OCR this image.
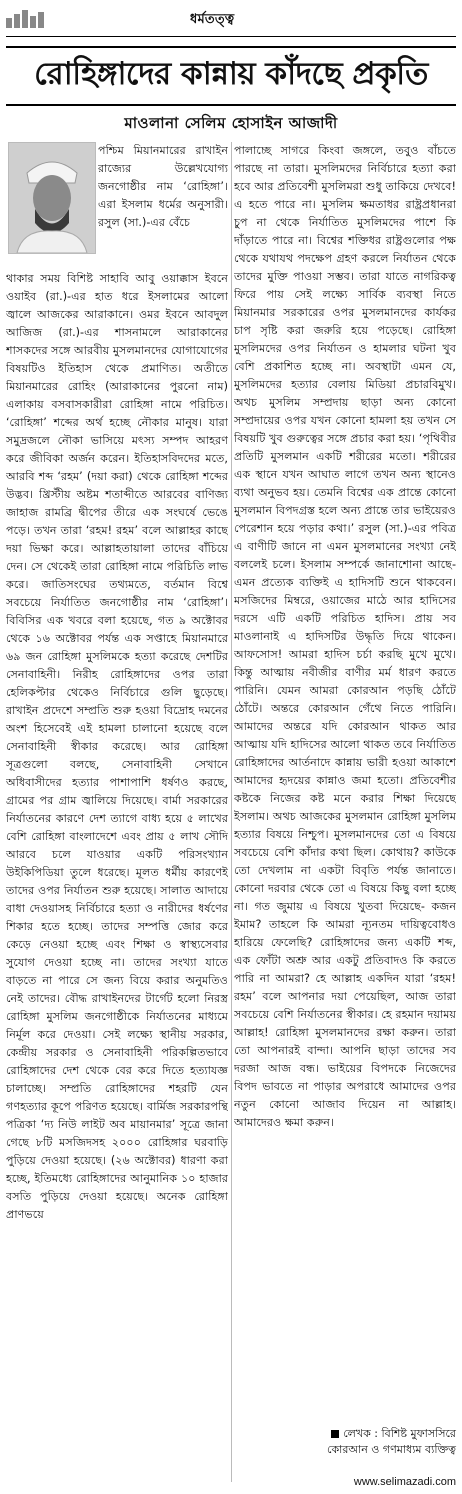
ধর্মতত্ত্ব
রোহিঙ্গাদের কান্নায় কাঁদছে প্রকৃতি
মাওলানা সেলিম হোসাইন আজাদী

পশ্চিম মিয়ানমারের রাখাইন রাজ্যের উল্লেখযোগ্য জনগোষ্ঠীর নাম ‘রোহিঙ্গা’। এরা ইসলাম ধর্মের অনুসারী। রসুল (সা.)-এর বেঁচে

থাকার সময় বিশিষ্ট সাহাবি আবু ওয়াক্কাস ইবনে ওয়াইব (রা.)-এর হাত ধরে ইসলামের আলো জ্বালে আজকের আরাকানে। ওমর ইবনে আবদুল আজিজ (রা.)-এর শাসনামলে আরাকানের শাসকদের সঙ্গে আরবীয় মুসলমানদের যোগাযোগের বিষয়টিও ইতিহাস থেকে প্রমাণিত। অতীতে মিয়ানমারের রোহিং (আরাকানের পুরনো নাম) এলাকায় বসবাসকারীরা রোহিঙ্গা নামে পরিচিত। ‘রোহিঙ্গা’ শব্দের অর্থ হচ্ছে নৌকার মানুষ। যারা সমুদ্রজলে নৌকা ভাসিয়ে মৎস্য সম্পদ আহরণ করে জীবিকা অর্জন করেন। ইতিহাসবিদদের মতে, আরবি শব্দ ‘রহম’ (দয়া করা) থেকে রোহিঙ্গা শব্দের উদ্ভব। খ্রিস্টীয় অষ্টম শতাব্দীতে আরবের বাণিজ্য জাহাজ রামব্রি দ্বীপের তীরে এক সংঘর্ষে ভেঙে পড়ে। তখন তারা ‘রহম! রহম’ বলে আল্লাহর কাছে দয়া ভিক্ষা করে। আল্লাহতায়ালা তাদের বাঁচিয়ে দেন। সে থেকেই তারা রোহিঙ্গা নামে পরিচিতি লাভ করে। জাতিসংঘের তথ্যমতে, বর্তমান বিশ্বে সবচেয়ে নির্যাতিত জনগোষ্ঠীর নাম ‘রোহিঙ্গা’। বিবিসির এক খবরে বলা হয়েছে, গত ৯ অক্টোবর থেকে ১৬ অক্টোবর পর্যন্ত এক সপ্তাহে মিয়ানমারে ৬৯ জন রোহিঙ্গা মুসলিমকে হত্যা করেছে দেশটির সেনাবাহিনী। নিরীহ রোহিঙ্গাদের ওপর তারা হেলিকপ্টার থেকেও নির্বিচারে গুলি ছুড়েছে। রাখাইন প্রদেশে সম্প্রতি শুরু হওয়া বিদ্রোহ দমনের অংশ হিসেবেই এই হামলা চালানো হয়েছে বলে সেনাবাহিনী স্বীকার করেছে। আর রোহিঙ্গা সূত্রগুলো বলছে, সেনাবাহিনী সেখানে অধিবাসীদের হত্যার পাশাপাশি ধর্ষণও করছে, গ্রামের পর গ্রাম জ্বালিয়ে দিয়েছে। বার্মা সরকারের নির্যাতনের কারণে দেশ ত্যাগে বাধ্য হয়ে ৫ লাখের বেশি রোহিঙ্গা বাংলাদেশে এবং প্রায় ৫ লাখ সৌদি আরবে চলে যাওয়ার একটি পরিসংখ্যান উইকিপিডিয়া তুলে ধরেছে। মূলত ধর্মীয় কারণেই তাদের ওপর নির্যাতন শুরু হয়েছে। সালাত আদায়ে বাধা দেওয়াসহ নির্বিচারে হত্যা ও নারীদের ধর্ষণের শিকার হতে হচ্ছে। তাদের সম্পত্তি জোর করে কেড়ে নেওয়া হচ্ছে এবং শিক্ষা ও স্বাস্থ্যসেবার সুযোগ দেওয়া হচ্ছে না। তাদের সংখ্যা যাতে বাড়তে না পারে সে জন্য বিয়ে করার অনুমতিও নেই তাদের। বৌদ্ধ রাখাইনদের টার্গেট হলো নিরস্ত্র রোহিঙ্গা মুসলিম জনগোষ্ঠীকে নির্যাতনের মাধ্যমে নির্মূল করে দেওয়া। সেই লক্ষ্যে স্থানীয় সরকার, কেন্দ্রীয় সরকার ও সেনাবাহিনী পরিকল্পিতভাবে রোহিঙ্গাদের দেশ থেকে বের করে দিতে হত্যাযজ্ঞ চালাচ্ছে। সম্প্রতি রোহিঙ্গাদের শহরটি যেন গণহত্যার কূপে পরিণত হয়েছে। বার্মিজ সরকারপন্থি পত্রিকা ‘দ্য নিউ লাইট অব মায়ানমার’ সূত্রে জানা গেছে ৮টি মসজিদসহ ২০০০ রোহিঙ্গার ঘরবাড়ি পুড়িয়ে দেওয়া হয়েছে। (২৬ অক্টোবর) ধারণা করা হচ্ছে, ইতিমধ্যে রোহিঙ্গাদের আনুমানিক ১০ হাজার বসতি পুড়িয়ে দেওয়া হয়েছে। অনেক রোহিঙ্গা প্রাণভয়ে

পালাচ্ছে সাগরে কিংবা জঙ্গলে, তবুও বাঁচতে পারছে না তারা। মুসলিমদের নির্বিচারে হত্যা করা হবে আর প্রতিবেশী মুসলিমরা শুধু তাকিয়ে দেখবে! এ হতে পারে না। মুসলিম ক্ষমতাধর রাষ্ট্রপ্রধানরা চুপ না থেকে নির্যাতিত মুসলিমদের পাশে কি দাঁড়াতে পারে না। বিশ্বের শক্তিধর রাষ্ট্রগুলোর পক্ষ থেকে যথাযথ পদক্ষেপ গ্রহণ করলে নির্যাতন থেকে তাদের মুক্তি পাওয়া সম্ভব। তারা যাতে নাগরিকত্ব ফিরে পায় সেই লক্ষ্যে সার্বিক ব্যবস্থা নিতে মিয়ানমার সরকারের ওপর মুসলমানদের কার্যকর চাপ সৃষ্টি করা জরুরি হয়ে পড়েছে। রোহিঙ্গা মুসলিমদের ওপর নির্যাতন ও হামলার ঘটনা খুব বেশি প্রকাশিত হচ্ছে না। অবস্থাটা এমন যে, মুসলিমদের হত্যার বেলায় মিডিয়া প্রচারবিমুখ। অথচ মুসলিম সম্প্রদায় ছাড়া অন্য কোনো সম্প্রদায়ের ওপর যখন কোনো হামলা হয় তখন সে বিষয়টি খুব গুরুত্বের সঙ্গে প্রচার করা হয়। ‘পৃথিবীর প্রতিটি মুসলমান একটি শরীরের মতো। শরীরের এক স্থানে যখন আঘাত লাগে তখন অন্য স্থানেও ব্যথা অনুভব হয়। তেমনি বিশ্বের এক প্রান্তে কোনো মুসলমান বিপদগ্রস্ত হলে অন্য প্রান্তে তার ভাইয়েরও পেরেশান হয়ে পড়ার কথা।’ রসুল (সা.)-এর পবিত্র এ বাণীটি জানে না এমন মুসলমানের সংখ্যা নেই বললেই চলে। ইসলাম সম্পর্কে জানাশোনা আছে- এমন প্রত্যেক ব্যক্তিই এ হাদিসটি শুনে থাকবেন। মসজিদের মিম্বরে, ওয়াজের মাঠে আর হাদিসের দরসে এটি একটি পরিচিত হাদিস। প্রায় সব মাওলানাই এ হাদিসটির উদ্ধৃতি দিয়ে থাকেন। আফসোস! আমরা হাদিস চর্চা করছি মুখে মুখে। কিন্তু আত্মায় নবীজীর বাণীর মর্ম ধারণ করতে পারিনি। যেমন আমরা কোরআন পড়ছি ঠোঁটে ঠোঁটে। অন্তরে কোরআন গেঁথে নিতে পারিনি। আমাদের অন্তরে যদি কোরআন থাকত আর আত্মায় যদি হাদিসের আলো থাকত তবে নির্যাতিত রোহিঙ্গাদের আর্তনাদে কান্নায় ভারী হওয়া আকাশে আমাদের হৃদয়ের কান্নাও জমা হতো। প্রতিবেশীর কষ্টকে নিজের কষ্ট মনে করার শিক্ষা দিয়েছে ইসলাম। অথচ আজকের মুসলমান রোহিঙ্গা মুসলিম হত্যার বিষয়ে নিশ্চুপ। মুসলমানদের তো এ বিষয়ে সবচেয়ে বেশি কাঁদার কথা ছিল। কোথায়? কাউকে তো দেখলাম না একটা বিবৃতি পর্যন্ত জানাতে। কোনো দরবার থেকে তো এ বিষয়ে কিছু বলা হচ্ছে না। গত জুমায় এ বিষয়ে খুতবা দিয়েছে- কজন ইমাম? তাহলে কি আমরা ন্যূনতম দায়িত্ববোধও হারিয়ে ফেলেছি? রোহিঙ্গাদের জন্য একটি শব্দ, এক ফোঁটা অশ্রু আর একটু প্রতিবাদও কি করতে পারি না আমরা? হে আল্লাহ একদিন যারা ‘রহম! রহম’ বলে আপনার দয়া পেয়েছিল, আজ তারা সবচেয়ে বেশি নির্যাতনের স্বীকার। হে রহমান দয়াময় আল্লাহ! রোহিঙ্গা মুসলমানদের রক্ষা করুন। তারা তো আপনারই বান্দা। আপনি ছাড়া তাদের সব দরজা আজ বন্ধ। ভাইয়ের বিপদকে নিজেদের বিপদ ভাবতে না পাড়ার অপরাধে আমাদের ওপর নতুন কোনো আজাব দিয়েন না আল্লাহ। আমাদেরও ক্ষমা করুন।

লেখক : বিশিষ্ট মুফাসসিরে
কোরআন ও গণমাধ্যম ব্যক্তিত্ব
www.selimazadi.com
